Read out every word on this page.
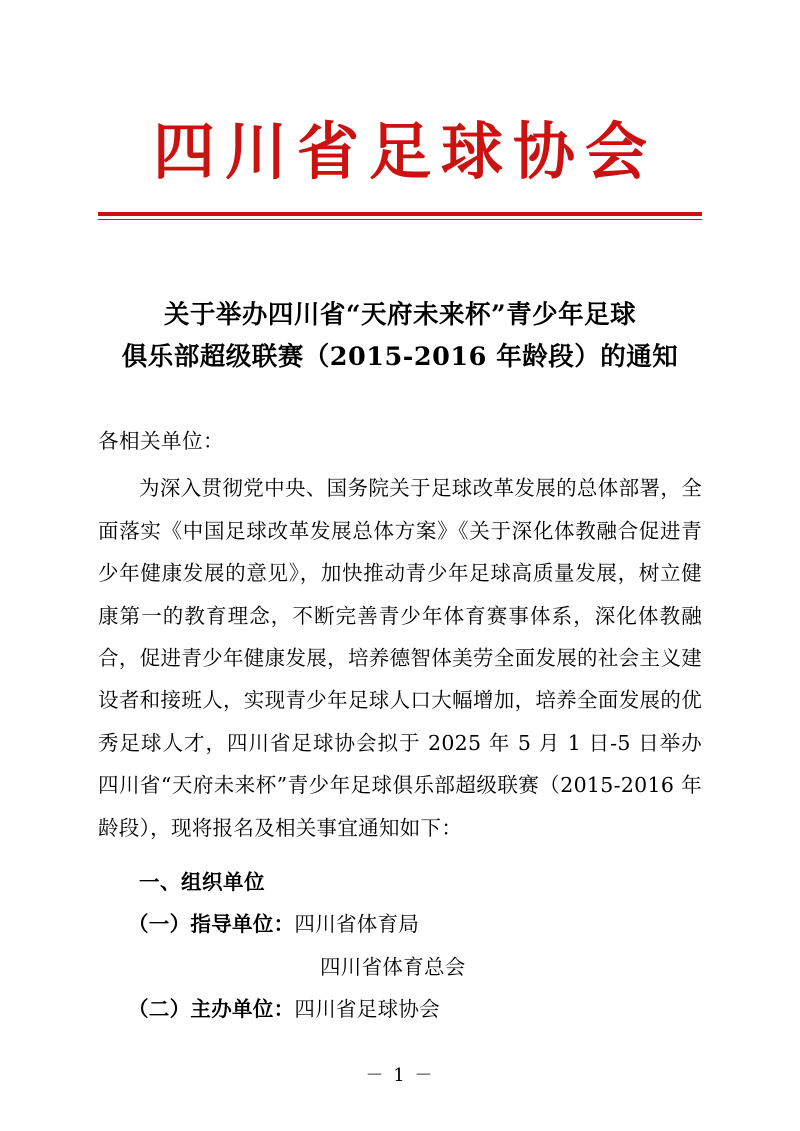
四川省足球协会
关于举办四川省“天府未来杯”青少年足球
俱乐部超级联赛（2015-2016 年龄段）的通知
各相关单位：
为深入贯彻党中央、国务院关于足球改革发展的总体部署，全面落实《中国足球改革发展总体方案》《关于深化体教融合促进青少年健康发展的意见》，加快推动青少年足球高质量发展，树立健康第一的教育理念，不断完善青少年体育赛事体系，深化体教融合，促进青少年健康发展，培养德智体美劳全面发展的社会主义建设者和接班人，实现青少年足球人口大幅增加，培养全面发展的优秀足球人才，四川省足球协会拟于 2025 年 5 月 1 日-5 日举办四川省“天府未来杯”青少年足球俱乐部超级联赛（2015-2016 年龄段），现将报名及相关事宜通知如下：
一、组织单位
（一）指导单位：四川省体育局
四川省体育总会
（二）主办单位：四川省足球协会
－ 1 －
